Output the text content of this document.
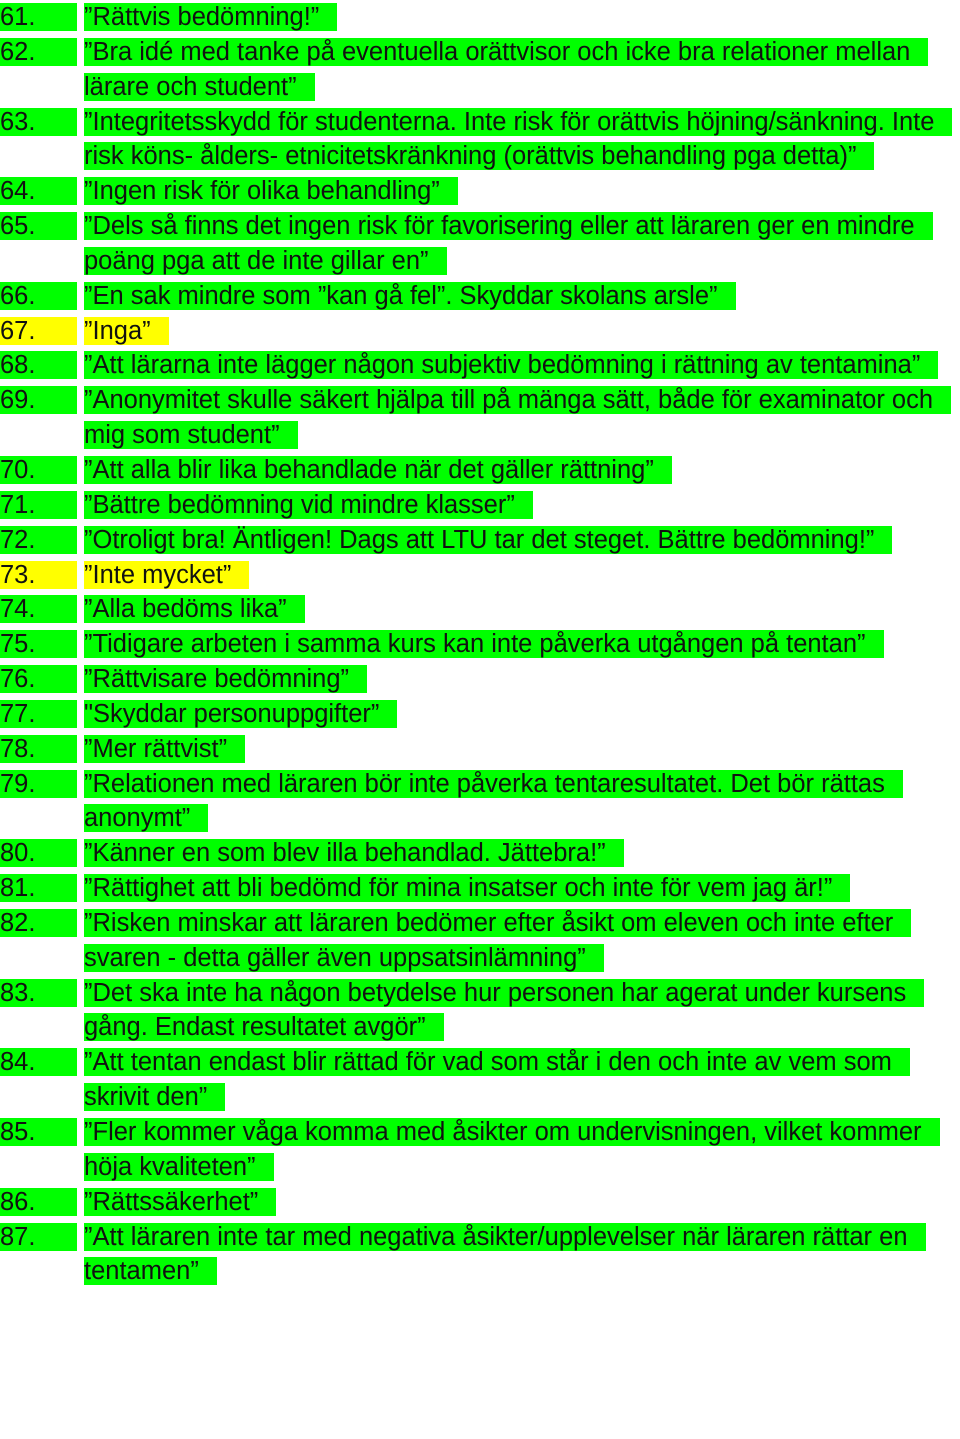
61.	”Rättvis bedömning!”
62.	”Bra idé med tanke på eventuella orättvisor och icke bra relationer mellan lärare och student”
63.	”Integritetsskydd för studenterna. Inte risk för orättvis höjning/sänkning. Inte risk köns- ålders- etnicitetskränkning (orättvis behandling pga detta)”
64.	”Ingen risk för olika behandling”
65.	”Dels så finns det ingen risk för favorisering eller att läraren ger en mindre poäng pga att de inte gillar en”
66.	”En sak mindre som ”kan gå fel”. Skyddar skolans arsle”
67.	”Inga”
68.	”Att lärarna inte lägger någon subjektiv bedömning i rättning av tentamina”
69.	”Anonymitet skulle säkert hjälpa till på mänga sätt, både för examinator och mig som student”
70.	”Att alla blir lika behandlade när det gäller rättning”
71.	”Bättre bedömning vid mindre klasser”
72.	”Otroligt bra! Äntligen! Dags att LTU tar det steget. Bättre bedömning!”
73.	”Inte mycket”
74.	”Alla bedöms lika”
75.	”Tidigare arbeten i samma kurs kan inte påverka utgången på tentan”
76.	”Rättvisare bedömning”
77.	"Skyddar personuppgifter”
78.	”Mer rättvist”
79.	”Relationen med läraren bör inte påverka tentaresultatet. Det bör rättas anonymt”
80.	”Känner en som blev illa behandlad. Jättebra!”
81.	”Rättighet att bli bedömd för mina insatser och inte för vem jag är!”
82.	”Risken minskar att läraren bedömer efter åsikt om eleven och inte efter svaren - detta gäller även uppsatsinlämning”
83.	”Det ska inte ha någon betydelse hur personen har agerat under kursens gång. Endast resultatet avgör”
84.	”Att tentan endast blir rättad för vad som står i den och inte av vem som skrivit den”
85.	”Fler kommer våga komma med åsikter om undervisningen, vilket kommer höja kvaliteten”
86.	”Rättssäkerhet”
87.	”Att läraren inte tar med negativa åsikter/upplevelser när läraren rättar en tentamen”
